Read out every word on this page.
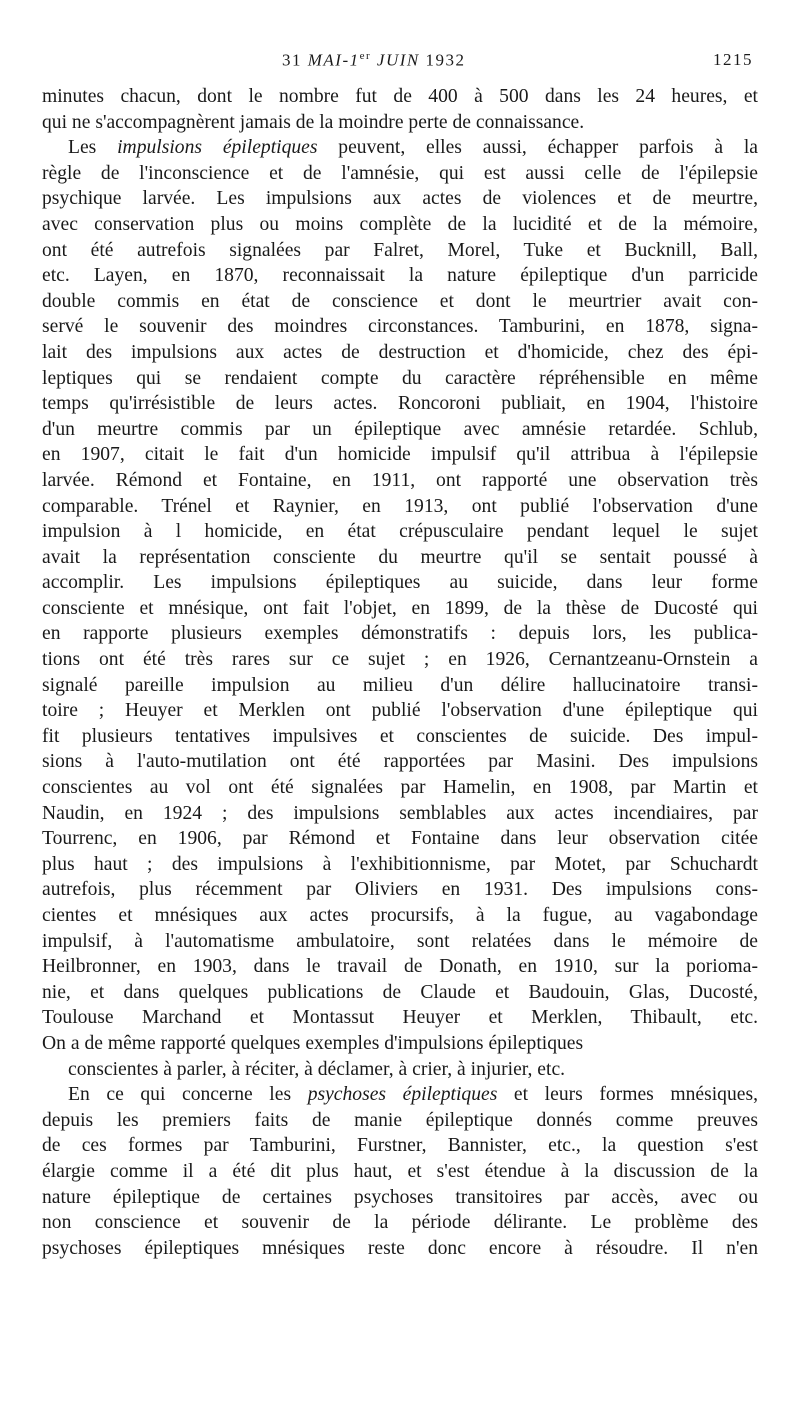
31 MAI-1er JUIN 1932	1215
minutes chacun, dont le nombre fut de 400 à 500 dans les 24 heures, et
qui ne s'accompagnèrent jamais de la moindre perte de connaissance.
Les impulsions épileptiques peuvent, elles aussi, échapper parfois à la
règle de l'inconscience et de l'amnésie, qui est aussi celle de l'épilepsie
psychique larvée. Les impulsions aux actes de violences et de meurtre,
avec conservation plus ou moins complète de la lucidité et de la mémoire,
ont été autrefois signalées par Falret, Morel, Tuke et Bucknill, Ball,
etc. Layen, en 1870, reconnaissait la nature épileptique d'un parricide
double commis en état de conscience et dont le meurtrier avait con-
servé le souvenir des moindres circonstances. Tamburini, en 1878, signa-
lait des impulsions aux actes de destruction et d'homicide, chez des épi-
leptiques qui se rendaient compte du caractère répréhensible en même
temps qu'irrésistible de leurs actes. Roncoroni publiait, en 1904, l'histoire
d'un meurtre commis par un épileptique avec amnésie retardée. Schlub,
en 1907, citait le fait d'un homicide impulsif qu'il attribua à l'épilepsie
larvée. Rémond et Fontaine, en 1911, ont rapporté une observation très
comparable. Trénel et Raynier, en 1913, ont publié l'observation d'une
impulsion à l homicide, en état crépusculaire pendant lequel le sujet
avait la représentation consciente du meurtre qu'il se sentait poussé à
accomplir. Les impulsions épileptiques au suicide, dans leur forme
consciente et mnésique, ont fait l'objet, en 1899, de la thèse de Ducosté qui
en rapporte plusieurs exemples démonstratifs : depuis lors, les publica-
tions ont été très rares sur ce sujet ; en 1926, Cernantzeanu-Ornstein a
signalé pareille impulsion au milieu d'un délire hallucinatoire transi-
toire ; Heuyer et Merklen ont publié l'observation d'une épileptique qui
fit plusieurs tentatives impulsives et conscientes de suicide. Des impul-
sions à l'auto-mutilation ont été rapportées par Masini. Des impulsions
conscientes au vol ont été signalées par Hamelin, en 1908, par Martin et
Naudin, en 1924 ; des impulsions semblables aux actes incendiaires, par
Tourrenc, en 1906, par Rémond et Fontaine dans leur observation citée
plus haut ; des impulsions à l'exhibitionnisme, par Motet, par Schuchardt
autrefois, plus récemment par Oliviers en 1931. Des impulsions cons-
cientes et mnésiques aux actes procursifs, à la fugue, au vagabondage
impulsif, à l'automatisme ambulatoire, sont relatées dans le mémoire de
Heilbronner, en 1903, dans le travail de Donath, en 1910, sur la porioma-
nie, et dans quelques publications de Claude et Baudouin, Glas, Ducosté,
Toulouse Marchand et Montassut Heuyer et Merklen, Thibault, etc.
On a de même rapporté quelques exemples d'impulsions épileptiques
conscientes à parler, à réciter, à déclamer, à crier, à injurier, etc.
En ce qui concerne les psychoses épileptiques et leurs formes mnésiques,
depuis les premiers faits de manie épileptique donnés comme preuves
de ces formes par Tamburini, Furstner, Bannister, etc., la question s'est
élargie comme il a été dit plus haut, et s'est étendue à la discussion de la
nature épileptique de certaines psychoses transitoires par accès, avec ou
non conscience et souvenir de la période délirante. Le problème des
psychoses épileptiques mnésiques reste donc encore à résoudre. Il n'en
